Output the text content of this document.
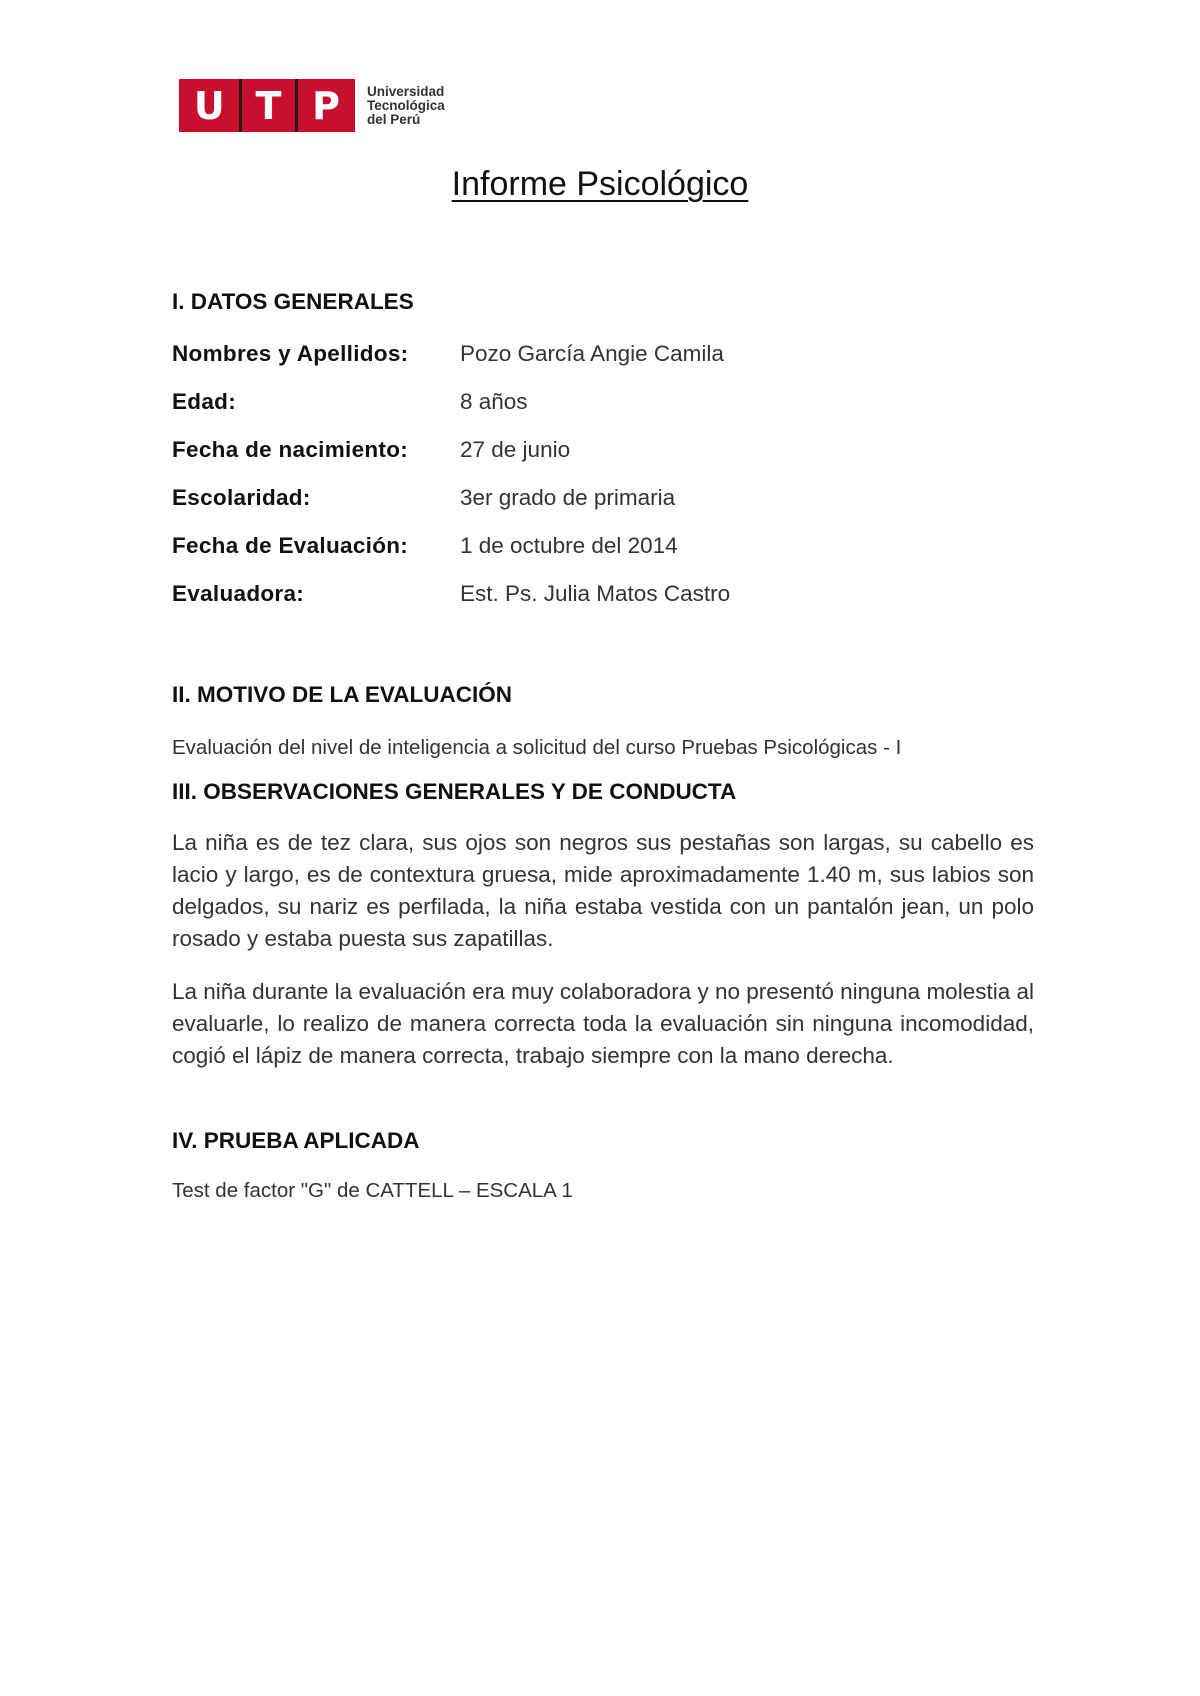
U T P Universidad
Tecnológica
del Perú
Informe Psicológico
I. DATOS GENERALES
Nombres y Apellidos: Pozo García Angie Camila
Edad:	8 años
Fecha de nacimiento: 27 de junio
Escolaridad:	3er grado de primaria
Fecha de Evaluación: 1 de octubre del 2014
Evaluadora:	Est. Ps. Julia Matos Castro
II. MOTIVO DE LA EVALUACIÓN
Evaluación del nivel de inteligencia a solicitud del curso Pruebas Psicológicas - I
III. OBSERVACIONES GENERALES Y DE CONDUCTA
La niña es de tez clara, sus ojos son negros sus pestañas son largas, su cabello es lacio y largo, es de contextura gruesa, mide aproximadamente 1.40 m, sus labios son delgados, su nariz es perfilada, la niña estaba vestida con un pantalón jean, un polo rosado y estaba puesta sus zapatillas.
La niña durante la evaluación era muy colaboradora y no presentó ninguna molestia al evaluarle, lo realizo de manera correcta toda la evaluación sin ninguna incomodidad, cogió el lápiz de manera correcta, trabajo siempre con la mano derecha.
IV. PRUEBA APLICADA
Test de factor "G" de CATTELL – ESCALA 1
